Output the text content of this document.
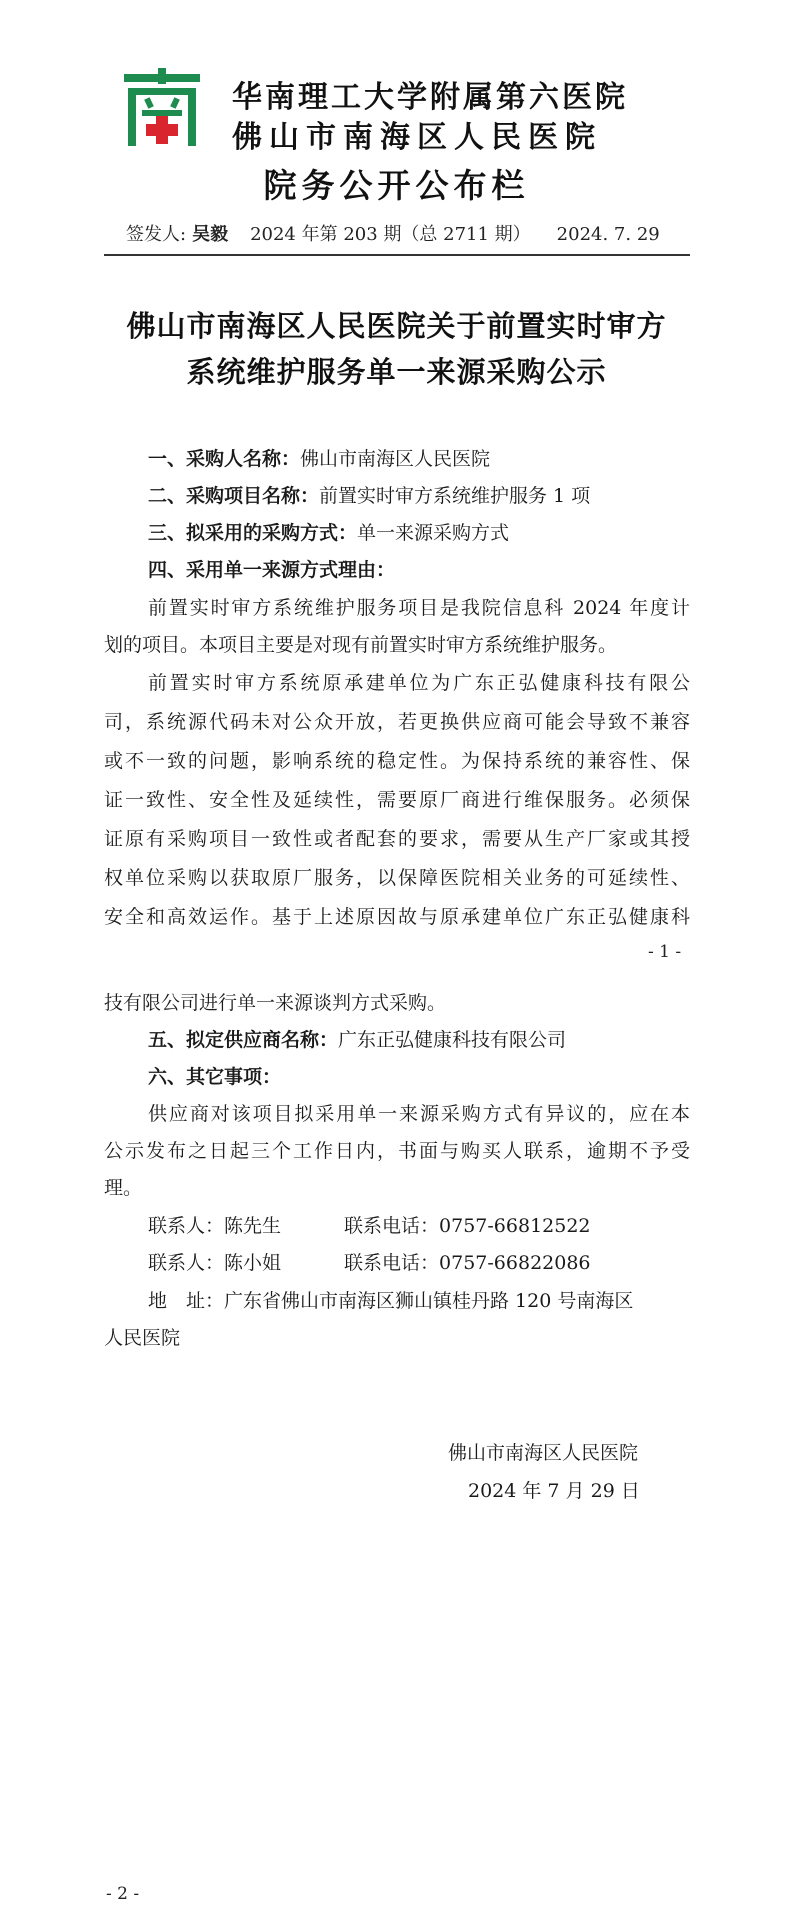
华南理工大学附属第六医院
佛山市南海区人民医院
院务公开公布栏
签发人: 吴毅 2024 年第 203 期（总 2711 期） 2024. 7. 29
佛山市南海区人民医院关于前置实时审方
系统维护服务单一来源采购公示
一、采购人名称：佛山市南海区人民医院
二、采购项目名称：前置实时审方系统维护服务 1 项
三、拟采用的采购方式：单一来源采购方式
四、采用单一来源方式理由：
前置实时审方系统维护服务项目是我院信息科 2024 年度计
划的项目。本项目主要是对现有前置实时审方系统维护服务。
前置实时审方系统原承建单位为广东正弘健康科技有限公
司，系统源代码未对公众开放，若更换供应商可能会导致不兼容
或不一致的问题，影响系统的稳定性。为保持系统的兼容性、保
证一致性、安全性及延续性，需要原厂商进行维保服务。必须保
证原有采购项目一致性或者配套的要求，需要从生产厂家或其授
权单位采购以获取原厂服务，以保障医院相关业务的可延续性、
安全和高效运作。基于上述原因故与原承建单位广东正弘健康科
- 1 -
技有限公司进行单一来源谈判方式采购。
五、拟定供应商名称：广东正弘健康科技有限公司
六、其它事项：
供应商对该项目拟采用单一来源采购方式有异议的，应在本
公示发布之日起三个工作日内，书面与购买人联系，逾期不予受
理。
联系人：陈先生	联系电话：0757-66812522
联系人：陈小姐	联系电话：0757-66822086
地　址：广东省佛山市南海区狮山镇桂丹路 120 号南海区
人民医院
佛山市南海区人民医院
2024 年 7 月 29 日
- 2 -
